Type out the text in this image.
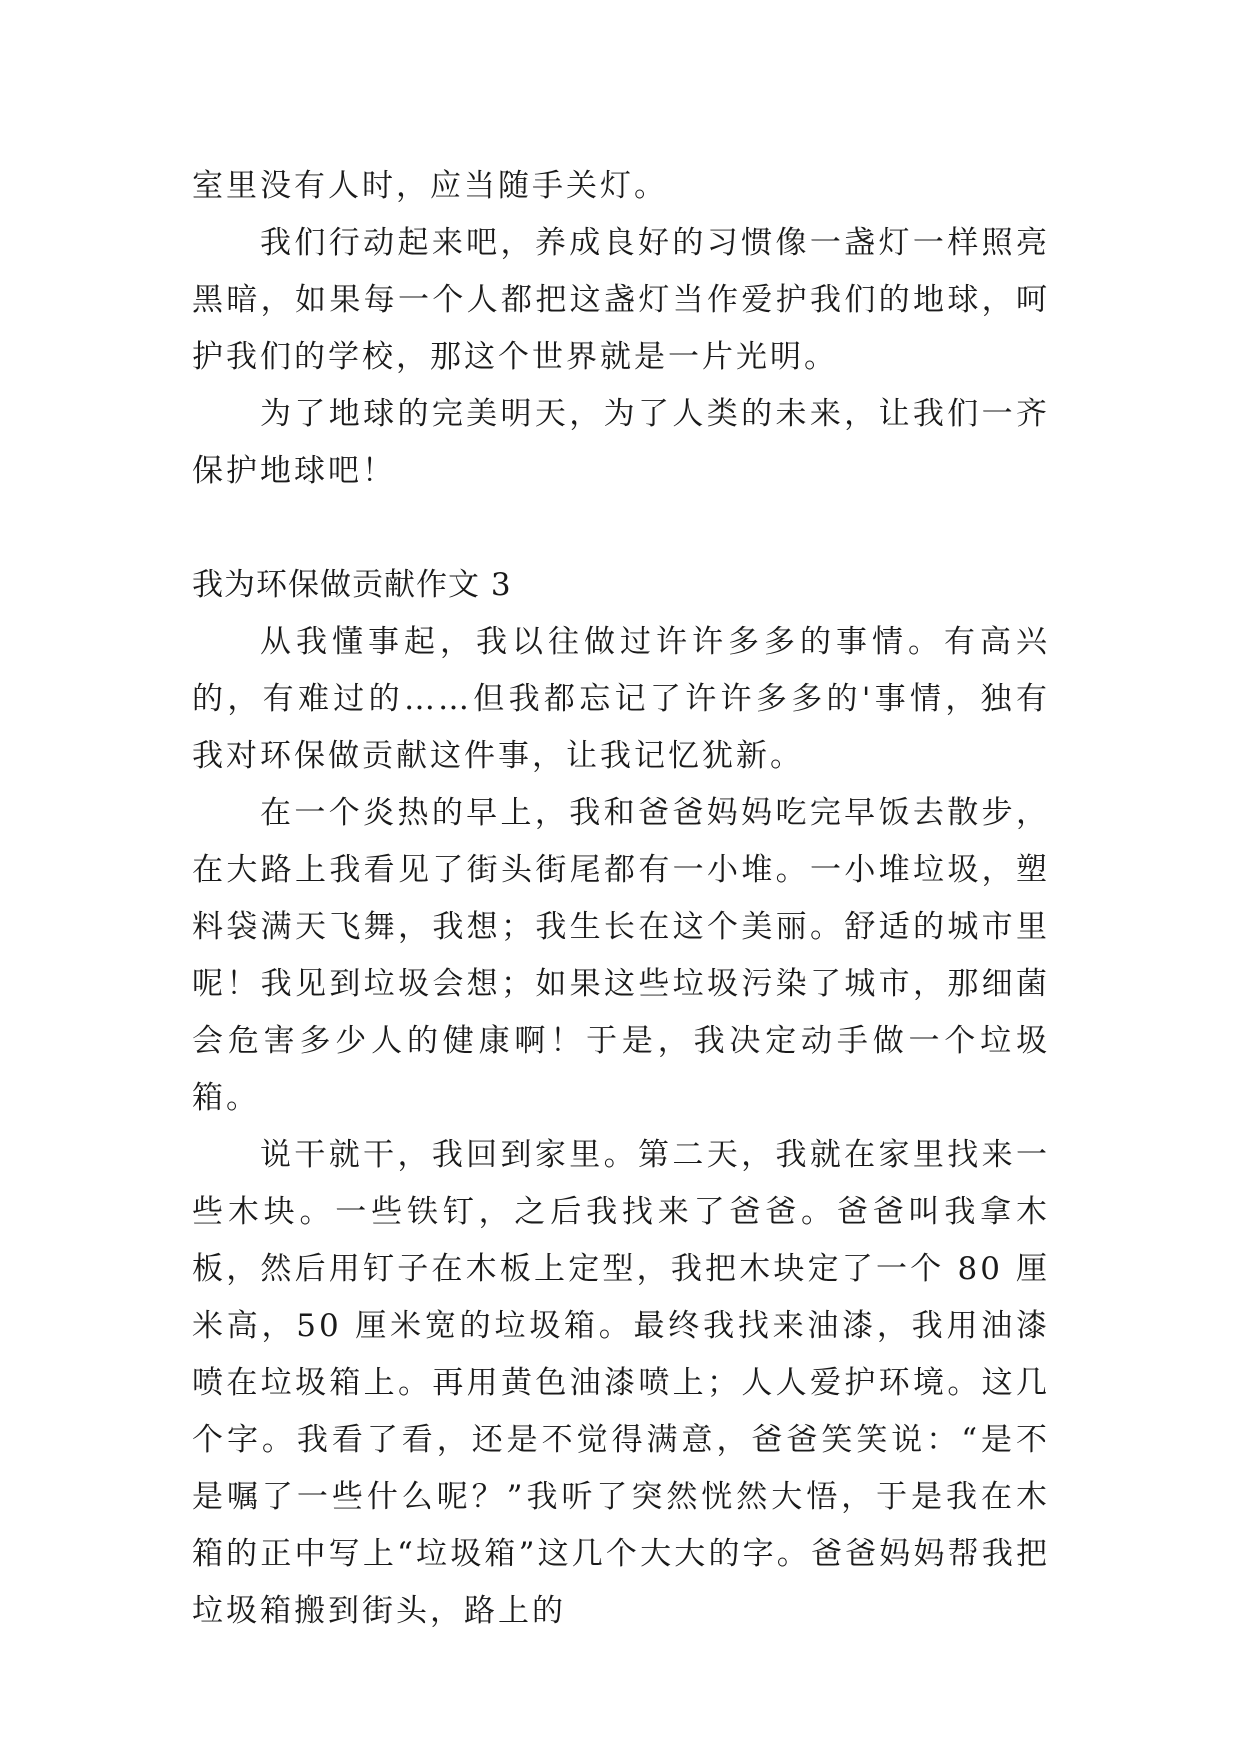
室里没有人时，应当随手关灯。

我们行动起来吧，养成良好的习惯像一盏灯一样照亮黑暗，如果每一个人都把这盏灯当作爱护我们的地球，呵护我们的学校，那这个世界就是一片光明。

为了地球的完美明天，为了人类的未来，让我们一齐保护地球吧！

我为环保做贡献作文 3

从我懂事起，我以往做过许许多多的事情。有高兴的，有难过的……但我都忘记了许许多多的'事情，独有我对环保做贡献这件事，让我记忆犹新。

在一个炎热的早上，我和爸爸妈妈吃完早饭去散步，在大路上我看见了街头街尾都有一小堆。一小堆垃圾，塑料袋满天飞舞，我想；我生长在这个美丽。舒适的城市里呢！我见到垃圾会想；如果这些垃圾污染了城市，那细菌会危害多少人的健康啊！于是，我决定动手做一个垃圾箱。

说干就干，我回到家里。第二天，我就在家里找来一些木块。一些铁钉，之后我找来了爸爸。爸爸叫我拿木板，然后用钉子在木板上定型，我把木块定了一个 80 厘米高，50 厘米宽的垃圾箱。最终我找来油漆，我用油漆喷在垃圾箱上。再用黄色油漆喷上；人人爱护环境。这几个字。我看了看，还是不觉得满意，爸爸笑笑说：“是不是嘱了一些什么呢？”我听了突然恍然大悟，于是我在木箱的正中写上“垃圾箱”这几个大大的字。爸爸妈妈帮我把垃圾箱搬到街头，路上的
